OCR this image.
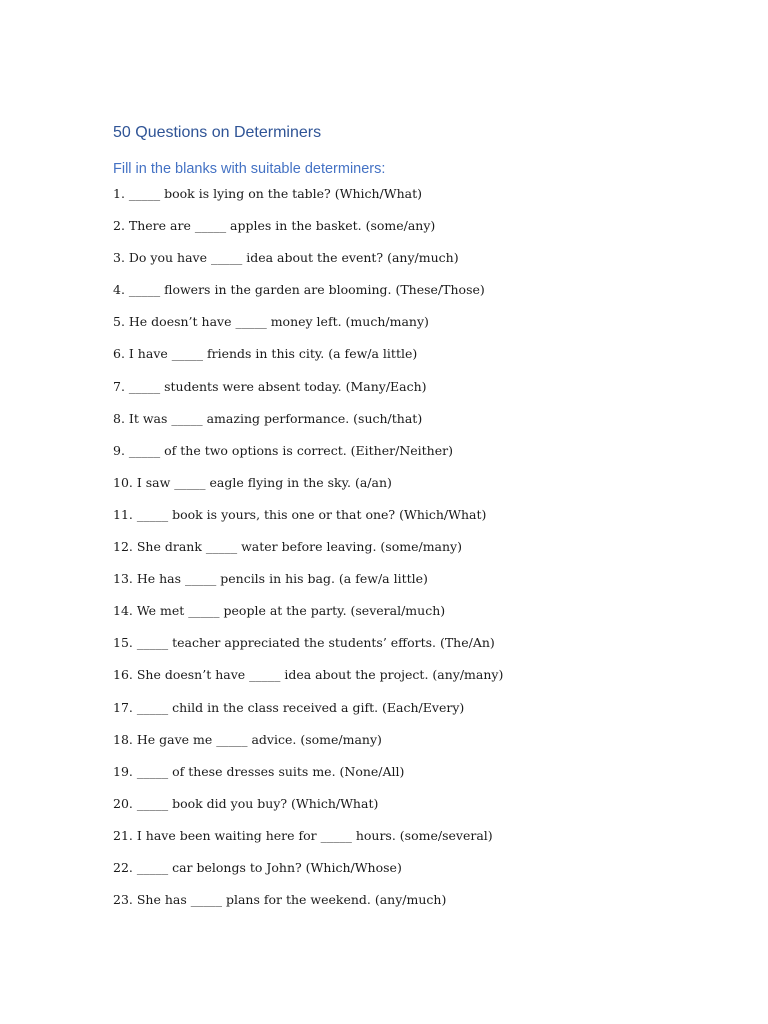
50 Questions on Determiners
Fill in the blanks with suitable determiners:
1. _____ book is lying on the table? (Which/What)
2. There are _____ apples in the basket. (some/any)
3. Do you have _____ idea about the event? (any/much)
4. _____ flowers in the garden are blooming. (These/Those)
5. He doesn’t have _____ money left. (much/many)
6. I have _____ friends in this city. (a few/a little)
7. _____ students were absent today. (Many/Each)
8. It was _____ amazing performance. (such/that)
9. _____ of the two options is correct. (Either/Neither)
10. I saw _____ eagle flying in the sky. (a/an)
11. _____ book is yours, this one or that one? (Which/What)
12. She drank _____ water before leaving. (some/many)
13. He has _____ pencils in his bag. (a few/a little)
14. We met _____ people at the party. (several/much)
15. _____ teacher appreciated the students’ efforts. (The/An)
16. She doesn’t have _____ idea about the project. (any/many)
17. _____ child in the class received a gift. (Each/Every)
18. He gave me _____ advice. (some/many)
19. _____ of these dresses suits me. (None/All)
20. _____ book did you buy? (Which/What)
21. I have been waiting here for _____ hours. (some/several)
22. _____ car belongs to John? (Which/Whose)
23. She has _____ plans for the weekend. (any/much)
